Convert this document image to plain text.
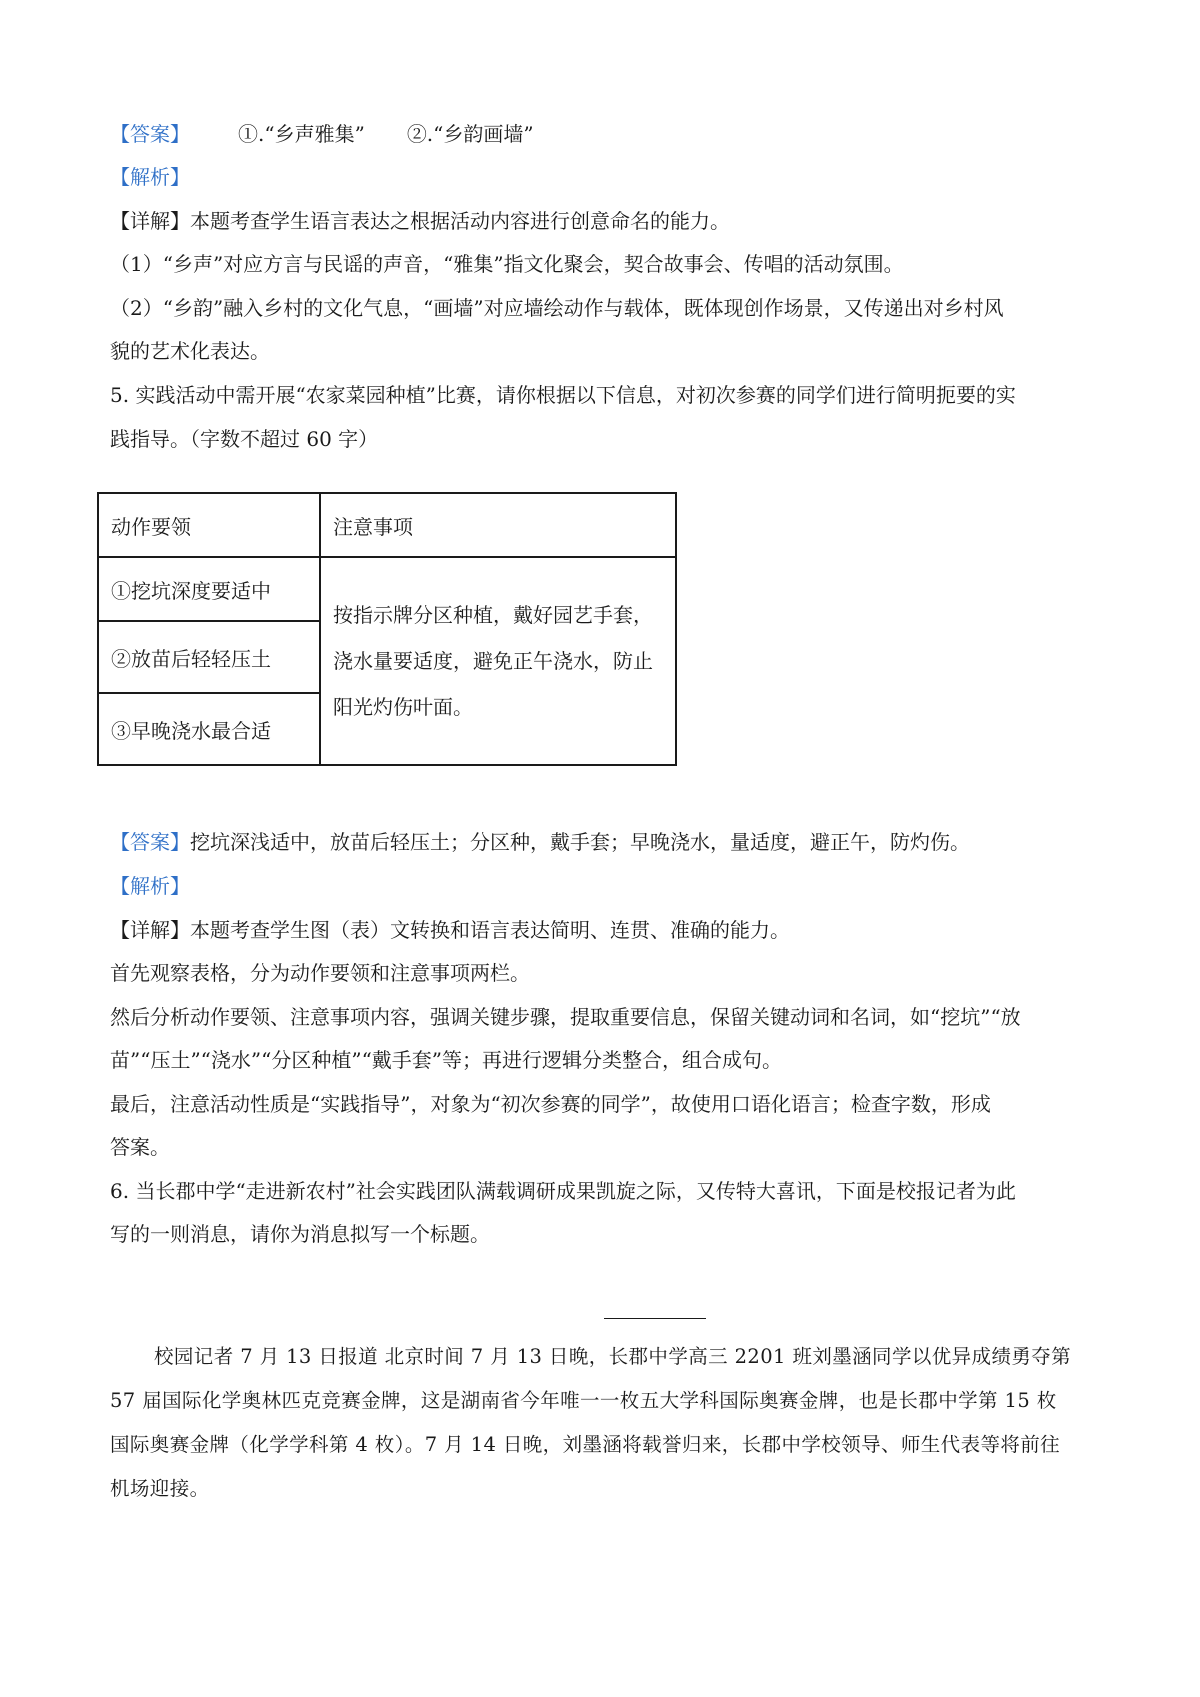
【答案】 ①.“乡声雅集” ②.“乡韵画墙”
【解析】
【详解】本题考查学生语言表达之根据活动内容进行创意命名的能力。
（1）“乡声”对应方言与民谣的声音，“雅集”指文化聚会，契合故事会、传唱的活动氛围。
（2）“乡韵”融入乡村的文化气息，“画墙”对应墙绘动作与载体，既体现创作场景，又传递出对乡村风
貌的艺术化表达。
5. 实践活动中需开展“农家菜园种植”比赛，请你根据以下信息，对初次参赛的同学们进行简明扼要的实
践指导。（字数不超过 60 字）
动作要领	注意事项
①挖坑深度要适中	按指示牌分区种植，戴好园艺手套，
浇水量要适度，避免正午浇水，防止
阳光灼伤叶面。

②放苗后轻轻压土	
③早晚浇水最合适	
【答案】挖坑深浅适中，放苗后轻压土；分区种，戴手套；早晚浇水，量适度，避正午，防灼伤。
【解析】
【详解】本题考查学生图（表）文转换和语言表达简明、连贯、准确的能力。
首先观察表格，分为动作要领和注意事项两栏。
然后分析动作要领、注意事项内容，强调关键步骤，提取重要信息，保留关键动词和名词，如“挖坑”“放
苗”“压土”“浇水”“分区种植”“戴手套”等；再进行逻辑分类整合，组合成句。
最后，注意活动性质是“实践指导”，对象为“初次参赛的同学”，故使用口语化语言；检查字数，形成
答案。
6. 当长郡中学“走进新农村”社会实践团队满载调研成果凯旋之际，又传特大喜讯，下面是校报记者为此
写的一则消息，请你为消息拟写一个标题。
校园记者 7 月 13 日报道 北京时间 7 月 13 日晚，长郡中学高三 2201 班刘墨涵同学以优异成绩勇夺第
57 届国际化学奥林匹克竞赛金牌，这是湖南省今年唯一一枚五大学科国际奥赛金牌，也是长郡中学第 15 枚
国际奥赛金牌（化学学科第 4 枚）。7 月 14 日晚，刘墨涵将载誉归来，长郡中学校领导、师生代表等将前往
机场迎接。
